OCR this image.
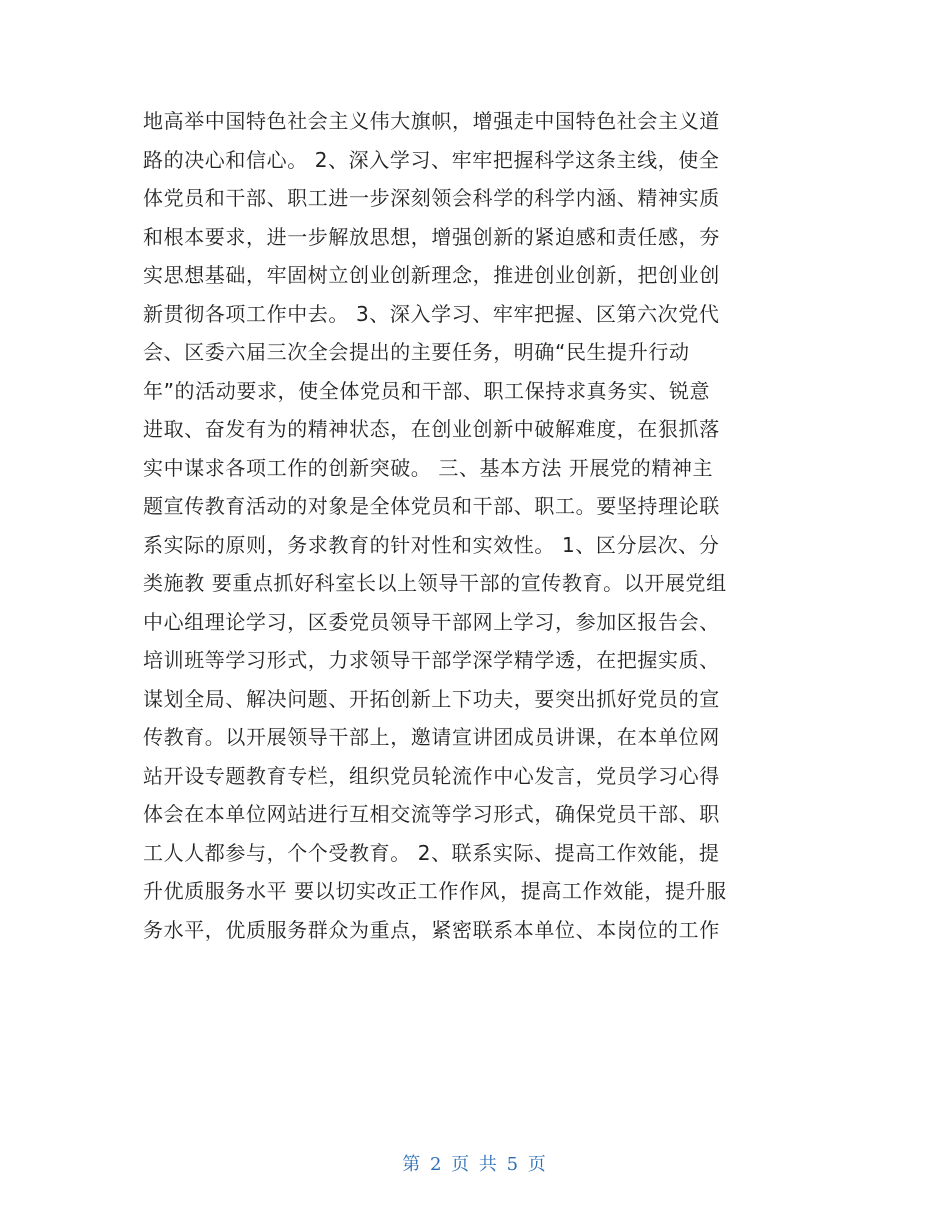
地高举中国特色社会主义伟大旗帜，增强走中国特色社会主义道
路的决心和信心。 2、深入学习、牢牢把握科学这条主线，使全
体党员和干部、职工进一步深刻领会科学的科学内涵、精神实质
和根本要求，进一步解放思想，增强创新的紧迫感和责任感，夯
实思想基础，牢固树立创业创新理念，推进创业创新，把创业创
新贯彻各项工作中去。 3、深入学习、牢牢把握、区第六次党代
会、区委六届三次全会提出的主要任务，明确“民生提升行动
年”的活动要求，使全体党员和干部、职工保持求真务实、锐意
进取、奋发有为的精神状态，在创业创新中破解难度，在狠抓落
实中谋求各项工作的创新突破。 三、基本方法 开展党的精神主
题宣传教育活动的对象是全体党员和干部、职工。要坚持理论联
系实际的原则，务求教育的针对性和实效性。 1、区分层次、分
类施教 要重点抓好科室长以上领导干部的宣传教育。以开展党组
中心组理论学习，区委党员领导干部网上学习，参加区报告会、
培训班等学习形式，力求领导干部学深学精学透，在把握实质、
谋划全局、解决问题、开拓创新上下功夫，要突出抓好党员的宣
传教育。以开展领导干部上，邀请宣讲团成员讲课，在本单位网
站开设专题教育专栏，组织党员轮流作中心发言，党员学习心得
体会在本单位网站进行互相交流等学习形式，确保党员干部、职
工人人都参与，个个受教育。 2、联系实际、提高工作效能，提
升优质服务水平 要以切实改正工作作风，提高工作效能，提升服
务水平，优质服务群众为重点，紧密联系本单位、本岗位的工作
第 2 页 共 5 页
